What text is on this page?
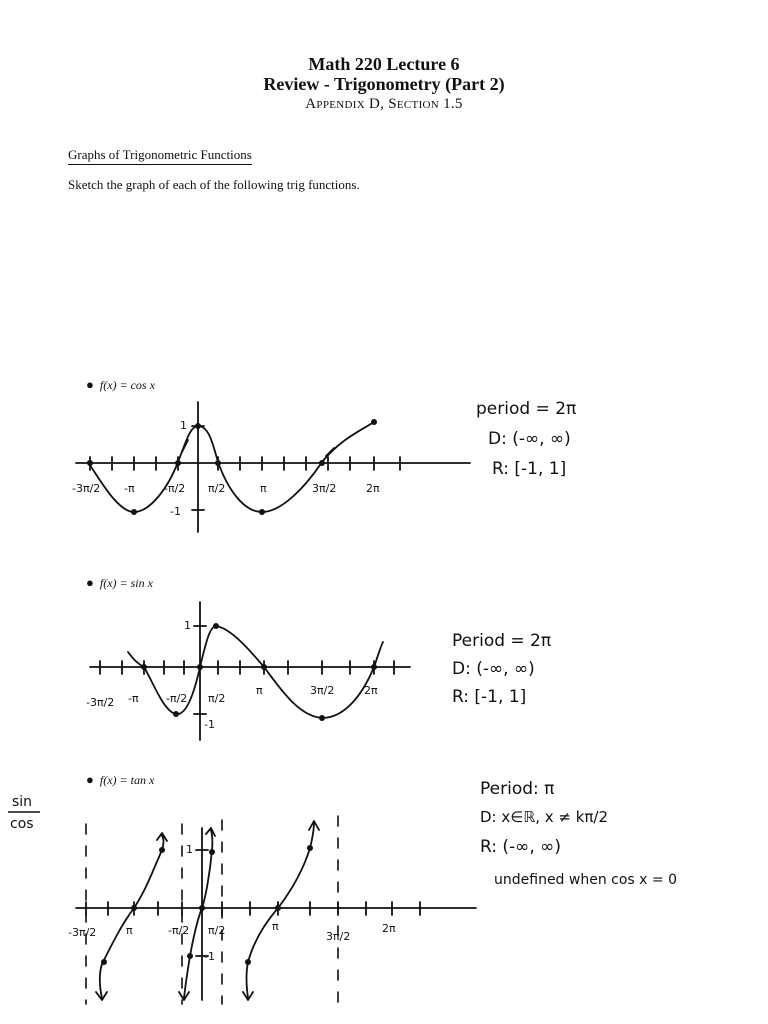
Math 220 Lecture 6
Review - Trigonometry (Part 2)
Appendix D, Section 1.5
Graphs of Trigonometric Functions
Sketch the graph of each of the following trig functions.
● f(x) = cos x
● f(x) = sin x
● f(x) = tan x
1
-1
-3π/2 -π	-π/2 π/2	π	3π/2	2π
period = 2π
D: (-∞, ∞)
R: [-1, 1]
1
-1
-3π/2 -π -π/2 π/2
π	3π/2	2π
Period = 2π
D: (-∞, ∞)
R: [-1, 1]
1
-1
-3π/2	π	-π/2 π/2	π
3π/2
2π
Period: π
D: x∈ℝ, x ≠ kπ/2
R: (-∞, ∞)
undefined when cos x = 0
sin
cos
